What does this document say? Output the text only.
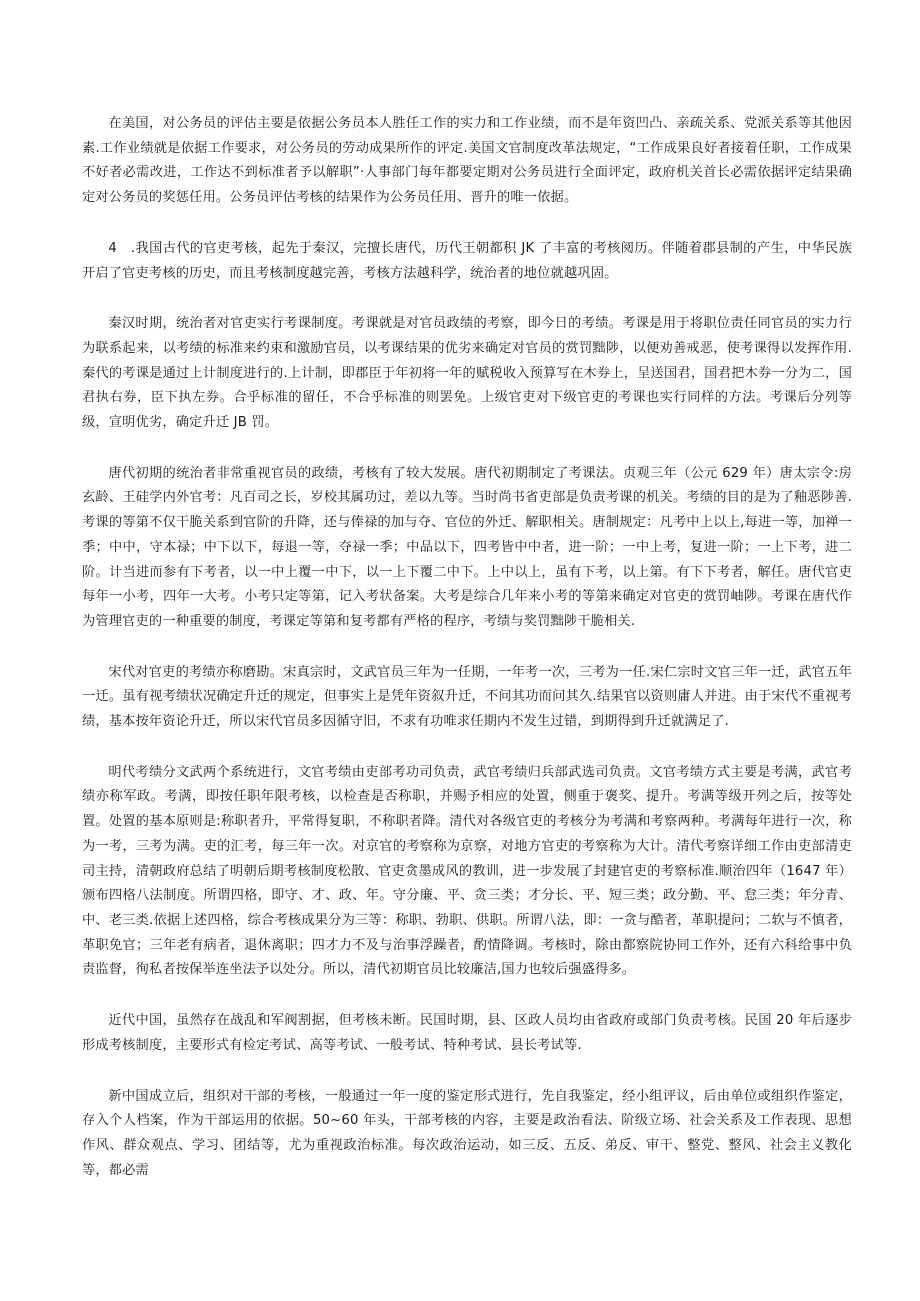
在美国，对公务员的评估主要是依据公务员本人胜任工作的实力和工作业绩，而不是年资凹凸、亲疏关系、党派关系等其他因素.工作业绩就是依据工作要求，对公务员的劳动成果所作的评定.美国文官制度改革法规定，“工作成果良好者接着任职，工作成果不好者必需改进，工作达不到标准者予以解职”·人事部门每年都要定期对公务员进行全面评定，政府机关首长必需依据评定结果确定对公务员的奖惩任用。公务员评估考核的结果作为公务员任用、晋升的唯一依据。

4　.我国古代的官吏考核，起先于秦汉，完擅长唐代，历代王朝都积 JK 了丰富的考核阅历。伴随着郡县制的产生，中华民族开启了官吏考核的历史，而且考核制度越完善，考核方法越科学，统治者的地位就越巩固。

秦汉时期，统治者对官吏实行考课制度。考课就是对官员政绩的考察，即今日的考绩。考课是用于将职位责任同官员的实力行为联系起来，以考绩的标准来约束和激励官员，以考课结果的优劣来确定对官员的赏罚黜陟，以便劝善戒恶，使考课得以发挥作用.秦代的考课是通过上计制度进行的.上计制，即郡臣于年初将一年的赋税收入预算写在木券上，呈送国君，国君把木券一分为二，国君执右券，臣下执左券。合乎标准的留任，不合乎标准的则罢免。上级官吏对下级官吏的考课也实行同样的方法。考课后分列等级，宣明优劣，确定升迁 JB 罚。

唐代初期的统治者非常重视官员的政绩，考核有了较大发展。唐代初期制定了考课法。贞观三年（公元 629 年）唐太宗令:房玄龄、王硅学内外官考：凡百司之长，岁校其属功过，差以九等。当时尚书省吏部是负责考课的机关。考绩的目的是为了釉恶陟善.考课的等第不仅干脆关系到官阶的升降，还与俸禄的加与夺、官位的外迁、解职相关。唐制规定：凡考中上以上,每进一等，加禅一季；中中，守本禄；中下以下，每退一等，夺禄一季；中品以下，四考皆中中者，进一阶；一中上考，复进一阶；一上下考，进二阶。计当进而参有下考者，以一中上覆一中下，以一上下覆二中下。上中以上，虽有下考，以上第。有下下考者，解任。唐代官吏每年一小考，四年一大考。小考只定等第，记入考状备案。大考是综合几年来小考的等第来确定对官吏的赏罚岫陟。考课在唐代作为管理官吏的一种重要的制度，考课定等第和复考都有严格的程序，考绩与奖罚黜陟干脆相关.

宋代对官吏的考绩亦称磨勘。宋真宗时，文武官员三年为一任期，一年考一次，三考为一任.宋仁宗时文官三年一迁，武官五年一迁。虽有视考绩状况确定升迁的规定，但事实上是凭年资叙升迁，不问其功而问其久.结果官以资则庸人并进。由于宋代不重视考绩，基本按年资论升迁，所以宋代官员多因循守旧，不求有功唯求任期内不发生过错，到期得到升迁就满足了.

明代考绩分文武两个系统进行，文官考绩由吏部考功司负责，武官考绩归兵部武选司负责。文官考绩方式主要是考满，武官考绩亦称军政。考满，即按任职年限考核，以检查是否称职，并赐予相应的处置，侧重于褒奖、提升。考满等级开列之后，按等处置。处置的基本原则是:称职者升，平常得复职，不称职者降。清代对各级官吏的考核分为考满和考察两种。考满每年进行一次，称为一考，三考为满。吏的汇考，每三年一次。对京官的考察称为京察，对地方官吏的考察称为大计。清代考察详细工作由吏部清吏司主持，清朝政府总结了明朝后期考核制度松散、官吏贪墨成风的教训，进一步发展了封建官吏的考察标准.顺治四年（1647 年）颁布四格八法制度。所谓四格，即守、才、政、年。守分廉、平、贪三类；才分长、平、短三类；政分勤、平、怠三类；年分青、中、老三类.依据上述四格，综合考核成果分为三等：称职、勃职、供职。所谓八法，即：一贪与酷者，革职提问；二软与不慎者，革职免官；三年老有病者，退休离职；四才力不及与治事浮躁者，酌情降调。考核时，除由都察院协同工作外，还有六科给事中负责监督，徇私者按保举连坐法予以处分。所以，清代初期官员比较廉洁,国力也较后强盛得多。

近代中国，虽然存在战乱和军阀割据，但考核未断。民国时期，县、区政人员均由省政府或部门负责考核。民国 20 年后逐步形成考核制度，主要形式有检定考试、高等考试、一般考试、特种考试、县长考试等.

新中国成立后，组织对干部的考核，一般通过一年一度的鉴定形式进行，先自我鉴定，经小组评议，后由单位或组织作鉴定，存入个人档案，作为干部运用的依据。50~60 年头，干部考核的内容，主要是政治看法、阶级立场、社会关系及工作表现、思想作风、群众观点、学习、团结等，尤为重视政治标准。每次政治运动，如三反、五反、弟反、审干、整党、整风、社会主义教化等，都必需
